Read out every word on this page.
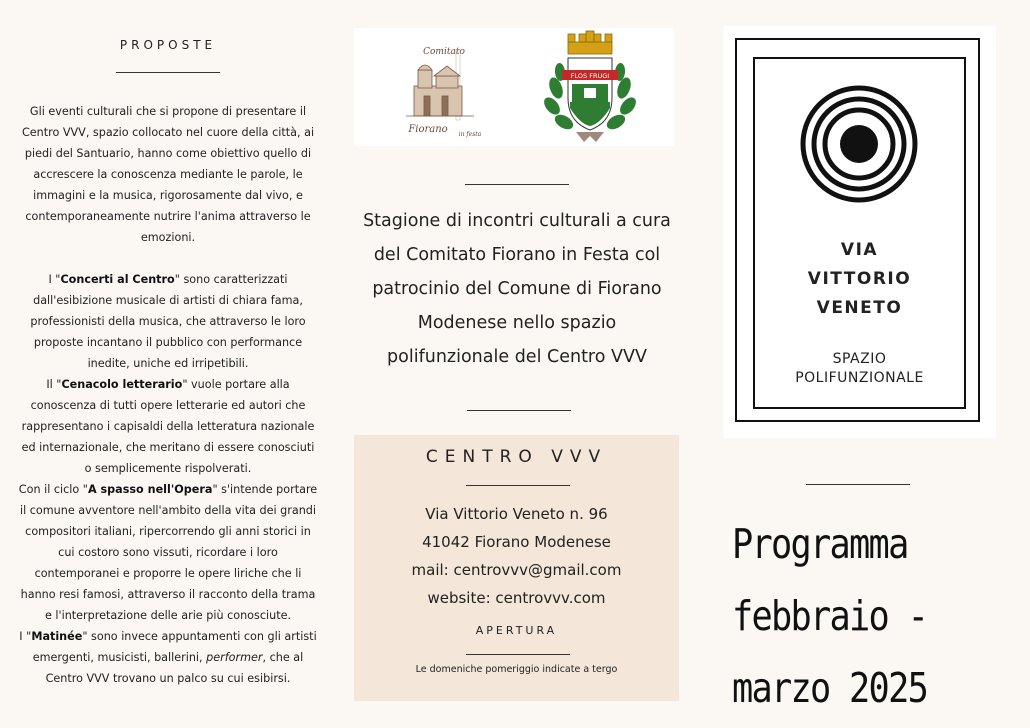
PROPOSTE

Gli eventi culturali che si propone di presentare il Centro VVV, spazio collocato nel cuore della città, ai piedi del Santuario, hanno come obiettivo quello di accrescere la conoscenza mediante le parole, le immagini e la musica, rigorosamente dal vivo, e contemporaneamente nutrire l'anima attraverso le emozioni.

I "Concerti al Centro" sono caratterizzati dall'esibizione musicale di artisti di chiara fama, professionisti della musica, che attraverso le loro proposte incantano il pubblico con performance inedite, uniche ed irripetibili.

Il "Cenacolo letterario" vuole portare alla conoscenza di tutti opere letterarie ed autori che rappresentano i capisaldi della letteratura nazionale ed internazionale, che meritano di essere conosciuti o semplicemente rispolverati.

Con il ciclo "A spasso nell'Opera" s'intende portare il comune avventore nell'ambito della vita dei grandi compositori italiani, ripercorrendo gli anni storici in cui costoro sono vissuti, ricordare i loro contemporanei e proporre le opere liriche che li hanno resi famosi, attraverso il racconto della trama e l'interpretazione delle arie più conosciute.

I "Matinée" sono invece appuntamenti con gli artisti emergenti, musicisti, ballerini, performer, che al Centro VVV trovano un palco su cui esibirsi.

Comitato
Fiorano in festa
FLOS FRUGI
Stagione di incontri culturali a cura del Comitato Fiorano in Festa col patrocinio del Comune di Fiorano Modenese nello spazio polifunzionale del Centro VVV
CENTRO VVV
Via Vittorio Veneto n. 96
41042 Fiorano Modenese
mail: centrovvv@gmail.com
website: centrovvv.com
APERTURA
Le domeniche pomeriggio indicate a tergo
VIA
VITTORIO
VENETO
SPAZIO
POLIFUNZIONALE
Programma
febbraio -
marzo 2025
